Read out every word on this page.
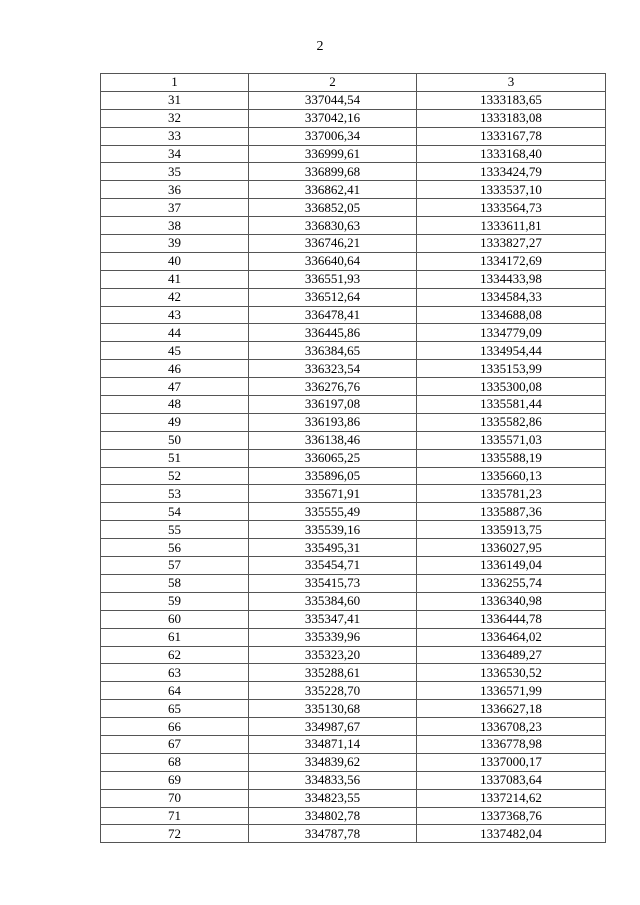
2
1	2	3
31	337044,54	1333183,65
32	337042,16	1333183,08
33	337006,34	1333167,78
34	336999,61	1333168,40
35	336899,68	1333424,79
36	336862,41	1333537,10
37	336852,05	1333564,73
38	336830,63	1333611,81
39	336746,21	1333827,27
40	336640,64	1334172,69
41	336551,93	1334433,98
42	336512,64	1334584,33
43	336478,41	1334688,08
44	336445,86	1334779,09
45	336384,65	1334954,44
46	336323,54	1335153,99
47	336276,76	1335300,08
48	336197,08	1335581,44
49	336193,86	1335582,86
50	336138,46	1335571,03
51	336065,25	1335588,19
52	335896,05	1335660,13
53	335671,91	1335781,23
54	335555,49	1335887,36
55	335539,16	1335913,75
56	335495,31	1336027,95
57	335454,71	1336149,04
58	335415,73	1336255,74
59	335384,60	1336340,98
60	335347,41	1336444,78
61	335339,96	1336464,02
62	335323,20	1336489,27
63	335288,61	1336530,52
64	335228,70	1336571,99
65	335130,68	1336627,18
66	334987,67	1336708,23
67	334871,14	1336778,98
68	334839,62	1337000,17
69	334833,56	1337083,64
70	334823,55	1337214,62
71	334802,78	1337368,76
72	334787,78	1337482,04
